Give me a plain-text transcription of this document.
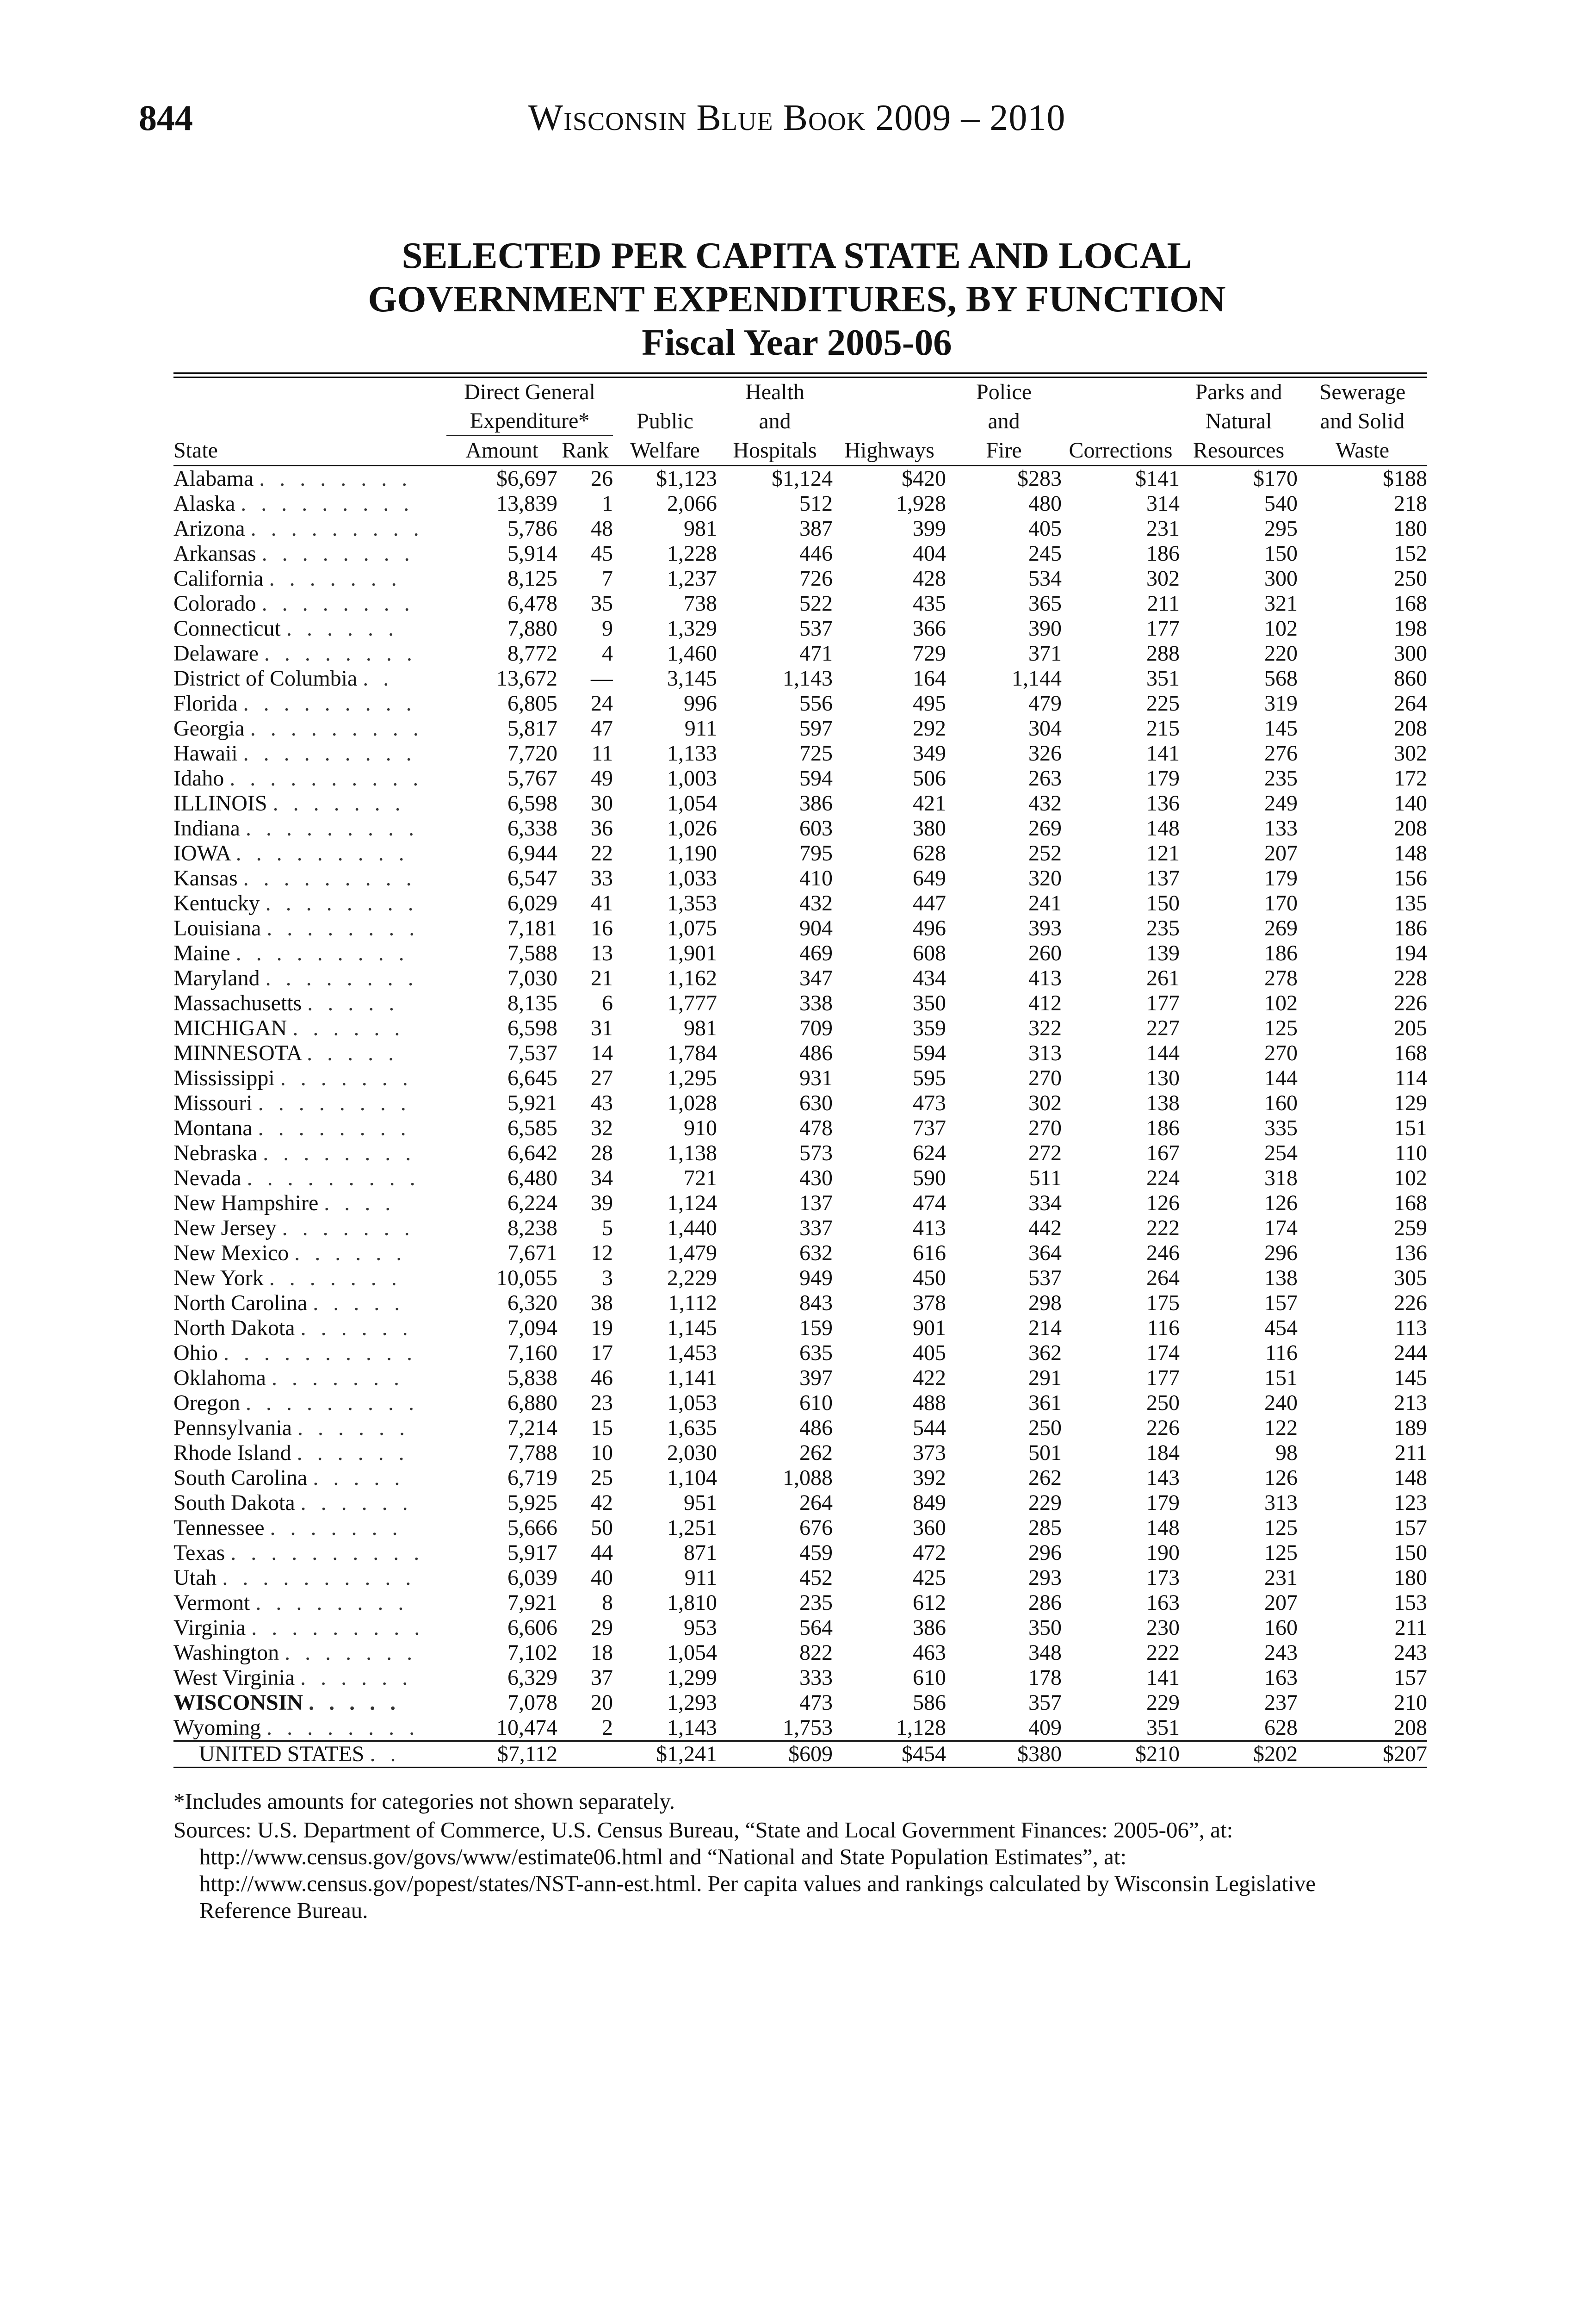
844	Wisconsin Blue Book 2009 – 2010
SELECTED PER CAPITA STATE AND LOCAL
GOVERNMENT EXPENDITURES, BY FUNCTION
Fiscal Year 2005-06
	Direct General			Health		Police		Parks and	Sewerage
	Expenditure*		Public	and		and		Natural	and Solid
State	Amount	Rank	Welfare	Hospitals	Highways	Fire	Corrections	Resources	Waste
Alabama . . . . . . . .	$6,697	26	$1,123	$1,124	$420	$283	$141	$170	$188
Alaska . . . . . . . . .	13,839	1	2,066	512	1,928	480	314	540	218
Arizona . . . . . . . . .	5,786	48	981	387	399	405	231	295	180
Arkansas . . . . . . . .	5,914	45	1,228	446	404	245	186	150	152
California . . . . . . .	8,125	7	1,237	726	428	534	302	300	250
Colorado . . . . . . . .	6,478	35	738	522	435	365	211	321	168
Connecticut . . . . . .	7,880	9	1,329	537	366	390	177	102	198
Delaware . . . . . . . .	8,772	4	1,460	471	729	371	288	220	300
District of Columbia . .	13,672	—	3,145	1,143	164	1,144	351	568	860
Florida . . . . . . . . .	6,805	24	996	556	495	479	225	319	264
Georgia . . . . . . . . .	5,817	47	911	597	292	304	215	145	208
Hawaii . . . . . . . . .	7,720	11	1,133	725	349	326	141	276	302
Idaho . . . . . . . . . .	5,767	49	1,003	594	506	263	179	235	172
ILLINOIS . . . . . . .	6,598	30	1,054	386	421	432	136	249	140
Indiana . . . . . . . . .	6,338	36	1,026	603	380	269	148	133	208
IOWA . . . . . . . . .	6,944	22	1,190	795	628	252	121	207	148
Kansas . . . . . . . . .	6,547	33	1,033	410	649	320	137	179	156
Kentucky . . . . . . . .	6,029	41	1,353	432	447	241	150	170	135
Louisiana . . . . . . . .	7,181	16	1,075	904	496	393	235	269	186
Maine . . . . . . . . .	7,588	13	1,901	469	608	260	139	186	194
Maryland . . . . . . . .	7,030	21	1,162	347	434	413	261	278	228
Massachusetts . . . . .	8,135	6	1,777	338	350	412	177	102	226
MICHIGAN . . . . . .	6,598	31	981	709	359	322	227	125	205
MINNESOTA . . . . .	7,537	14	1,784	486	594	313	144	270	168
Mississippi . . . . . . .	6,645	27	1,295	931	595	270	130	144	114
Missouri . . . . . . . .	5,921	43	1,028	630	473	302	138	160	129
Montana . . . . . . . .	6,585	32	910	478	737	270	186	335	151
Nebraska . . . . . . . .	6,642	28	1,138	573	624	272	167	254	110
Nevada . . . . . . . . .	6,480	34	721	430	590	511	224	318	102
New Hampshire . . . .	6,224	39	1,124	137	474	334	126	126	168
New Jersey . . . . . . .	8,238	5	1,440	337	413	442	222	174	259
New Mexico . . . . . .	7,671	12	1,479	632	616	364	246	296	136
New York . . . . . . .	10,055	3	2,229	949	450	537	264	138	305
North Carolina . . . . .	6,320	38	1,112	843	378	298	175	157	226
North Dakota . . . . . .	7,094	19	1,145	159	901	214	116	454	113
Ohio . . . . . . . . . .	7,160	17	1,453	635	405	362	174	116	244
Oklahoma . . . . . . .	5,838	46	1,141	397	422	291	177	151	145
Oregon . . . . . . . . .	6,880	23	1,053	610	488	361	250	240	213
Pennsylvania . . . . . .	7,214	15	1,635	486	544	250	226	122	189
Rhode Island . . . . . .	7,788	10	2,030	262	373	501	184	98	211
South Carolina . . . . .	6,719	25	1,104	1,088	392	262	143	126	148
South Dakota . . . . . .	5,925	42	951	264	849	229	179	313	123
Tennessee . . . . . . .	5,666	50	1,251	676	360	285	148	125	157
Texas . . . . . . . . . .	5,917	44	871	459	472	296	190	125	150
Utah . . . . . . . . . .	6,039	40	911	452	425	293	173	231	180
Vermont . . . . . . . .	7,921	8	1,810	235	612	286	163	207	153
Virginia . . . . . . . . .	6,606	29	953	564	386	350	230	160	211
Washington . . . . . . .	7,102	18	1,054	822	463	348	222	243	243
West Virginia . . . . . .	6,329	37	1,299	333	610	178	141	163	157
WISCONSIN . . . . .	7,078	20	1,293	473	586	357	229	237	210
Wyoming . . . . . . . .	10,474	2	1,143	1,753	1,128	409	351	628	208
UNITED STATES . .	$7,112		$1,241	$609	$454	$380	$210	$202	$207
*Includes amounts for categories not shown separately.
Sources: U.S. Department of Commerce, U.S. Census Bureau, “State and Local Government Finances: 2005-06”, at: http://www.census.gov/govs/www/estimate06.html and “National and State Population Estimates”, at: http://www.census.gov/popest/states/NST-ann-est.html. Per capita values and rankings calculated by Wisconsin Legislative Reference Bureau.
